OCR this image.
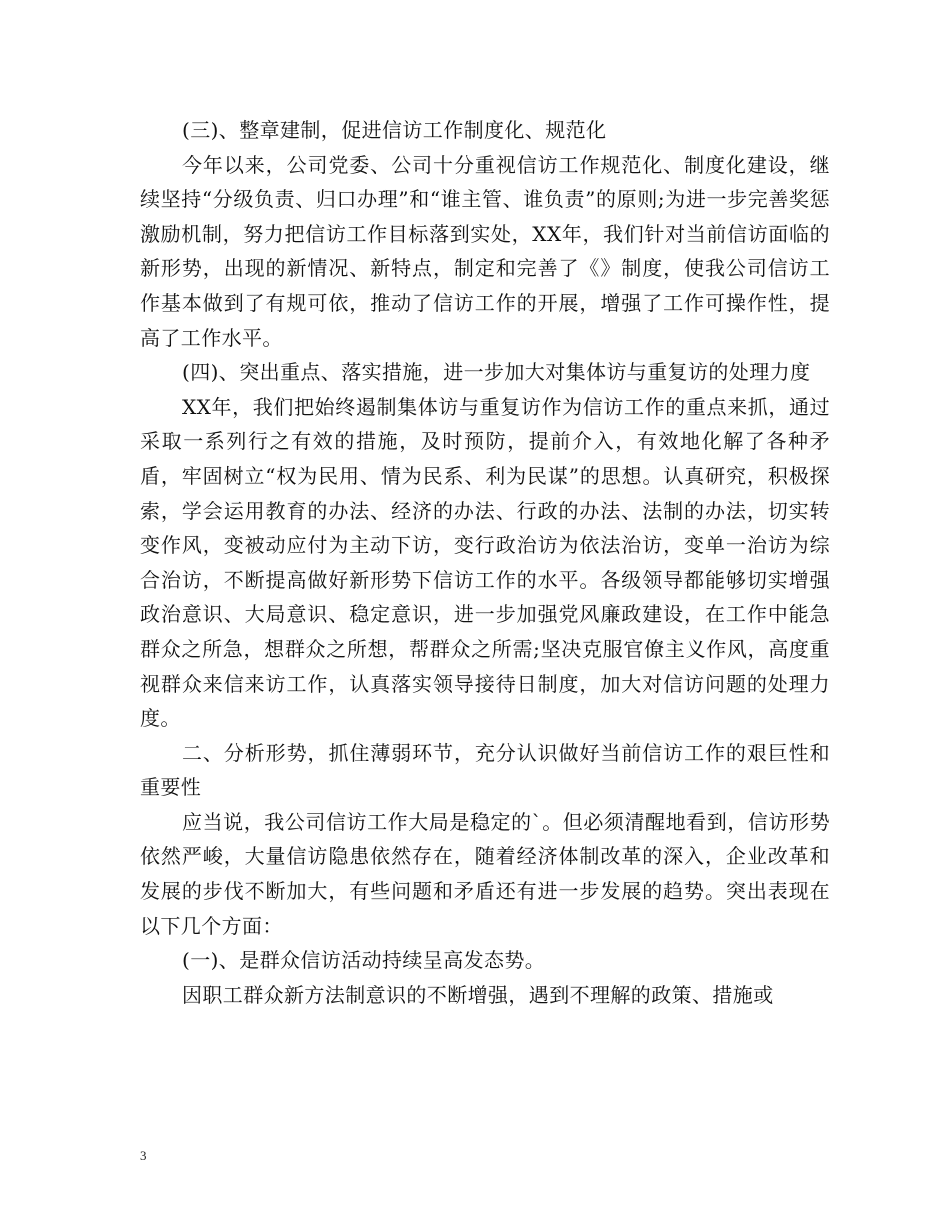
(三)、整章建制，促进信访工作制度化、规范化

今年以来，公司党委、公司十分重视信访工作规范化、制度化建设，继续坚持“分级负责、归口办理”和“谁主管、谁负责”的原则;为进一步完善奖惩激励机制，努力把信访工作目标落到实处，XX年，我们针对当前信访面临的新形势，出现的新情况、新特点，制定和完善了《》制度，使我公司信访工作基本做到了有规可依，推动了信访工作的开展，增强了工作可操作性，提高了工作水平。

(四)、突出重点、落实措施，进一步加大对集体访与重复访的处理力度

XX年，我们把始终遏制集体访与重复访作为信访工作的重点来抓，通过采取一系列行之有效的措施，及时预防，提前介入，有效地化解了各种矛盾，牢固树立“权为民用、情为民系、利为民谋”的思想。认真研究，积极探索，学会运用教育的办法、经济的办法、行政的办法、法制的办法，切实转变作风，变被动应付为主动下访，变行政治访为依法治访，变单一治访为综合治访，不断提高做好新形势下信访工作的水平。各级领导都能够切实增强政治意识、大局意识、稳定意识，进一步加强党风廉政建设，在工作中能急群众之所急，想群众之所想，帮群众之所需;坚决克服官僚主义作风，高度重视群众来信来访工作，认真落实领导接待日制度，加大对信访问题的处理力度。

二、分析形势，抓住薄弱环节，充分认识做好当前信访工作的艰巨性和重要性

应当说，我公司信访工作大局是稳定的`。但必须清醒地看到，信访形势依然严峻，大量信访隐患依然存在，随着经济体制改革的深入，企业改革和发展的步伐不断加大，有些问题和矛盾还有进一步发展的趋势。突出表现在以下几个方面：

(一)、是群众信访活动持续呈高发态势。

因职工群众新方法制意识的不断增强，遇到不理解的政策、措施或

3
